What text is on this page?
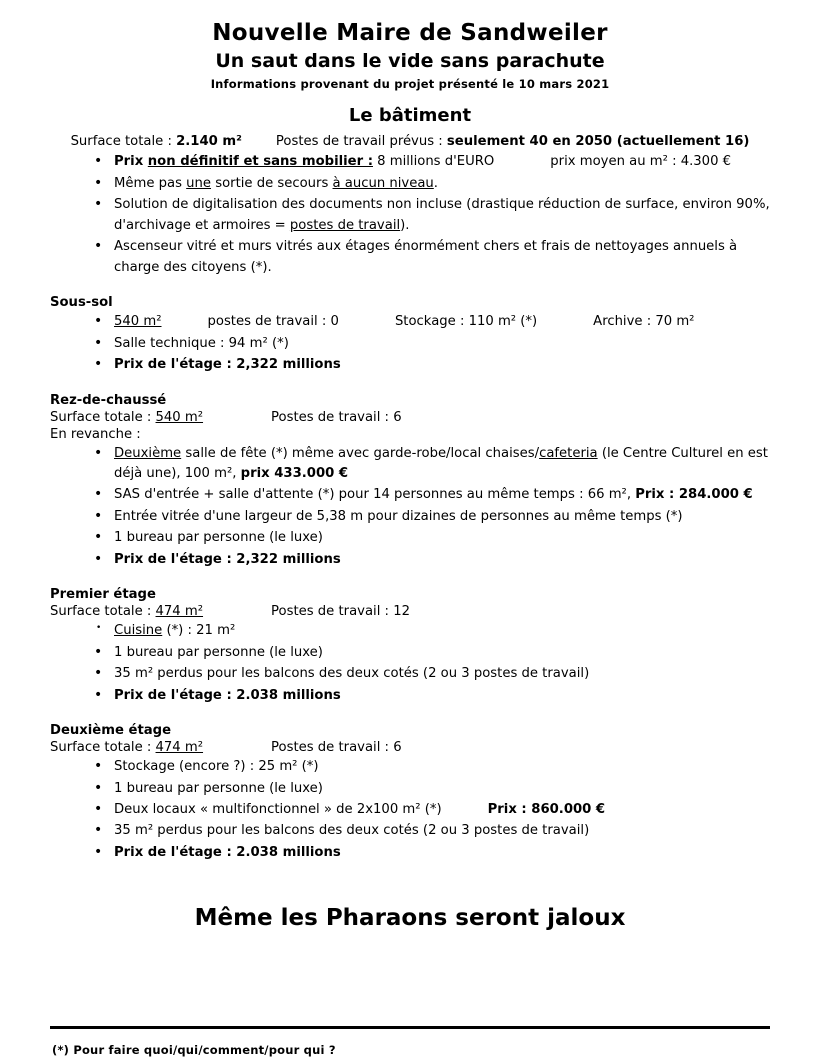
Nouvelle Maire de Sandweiler
Un saut dans le vide sans parachute
Informations provenant du projet présenté le 10 mars 2021
Le bâtiment
Surface totale : 2.140 m²	Postes de travail prévus : seulement 40 en 2050 (actuellement 16)
• Prix non définitif et sans mobilier : 8 millions d'EURO	prix moyen au m² : 4.300 €
• Même pas une sortie de secours à aucun niveau.
• Solution de digitalisation des documents non incluse (drastique réduction de surface, environ 90%, d'archivage et armoires = postes de travail).
• Ascenseur vitré et murs vitrés aux étages énormément chers et frais de nettoyages annuels à charge des citoyens (*).
Sous-sol
• 540 m²	postes de travail : 0	Stockage : 110 m² (*)	Archive : 70 m²
• Salle technique : 94 m² (*)
• Prix de l'étage : 2,322 millions
Rez-de-chaussé
Surface totale : 540 m²	Postes de travail : 6
En revanche :
• Deuxième salle de fête (*) même avec garde-robe/local chaises/cafeteria (le Centre Culturel en est déjà une), 100 m², prix 433.000 €
• SAS d'entrée + salle d'attente (*) pour 14 personnes au même temps : 66 m², Prix : 284.000 €
• Entrée vitrée d'une largeur de 5,38 m pour dizaines de personnes au même temps (*)
• 1 bureau par personne (le luxe)
• Prix de l'étage : 2,322 millions
Premier étage
Surface totale : 474 m²	Postes de travail : 12
• Cuisine (*) : 21 m²
• 1 bureau par personne (le luxe)
• 35 m² perdus pour les balcons des deux cotés (2 ou 3 postes de travail)
• Prix de l'étage : 2.038 millions
Deuxième étage
Surface totale : 474 m²	Postes de travail : 6
• Stockage (encore ?) : 25 m² (*)
• 1 bureau par personne (le luxe)
• Deux locaux « multifonctionnel » de 2x100 m² (*)	Prix : 860.000 €
• 35 m² perdus pour les balcons des deux cotés (2 ou 3 postes de travail)
• Prix de l'étage : 2.038 millions
Même les Pharaons seront jaloux
(*) Pour faire quoi/qui/comment/pour qui ?
